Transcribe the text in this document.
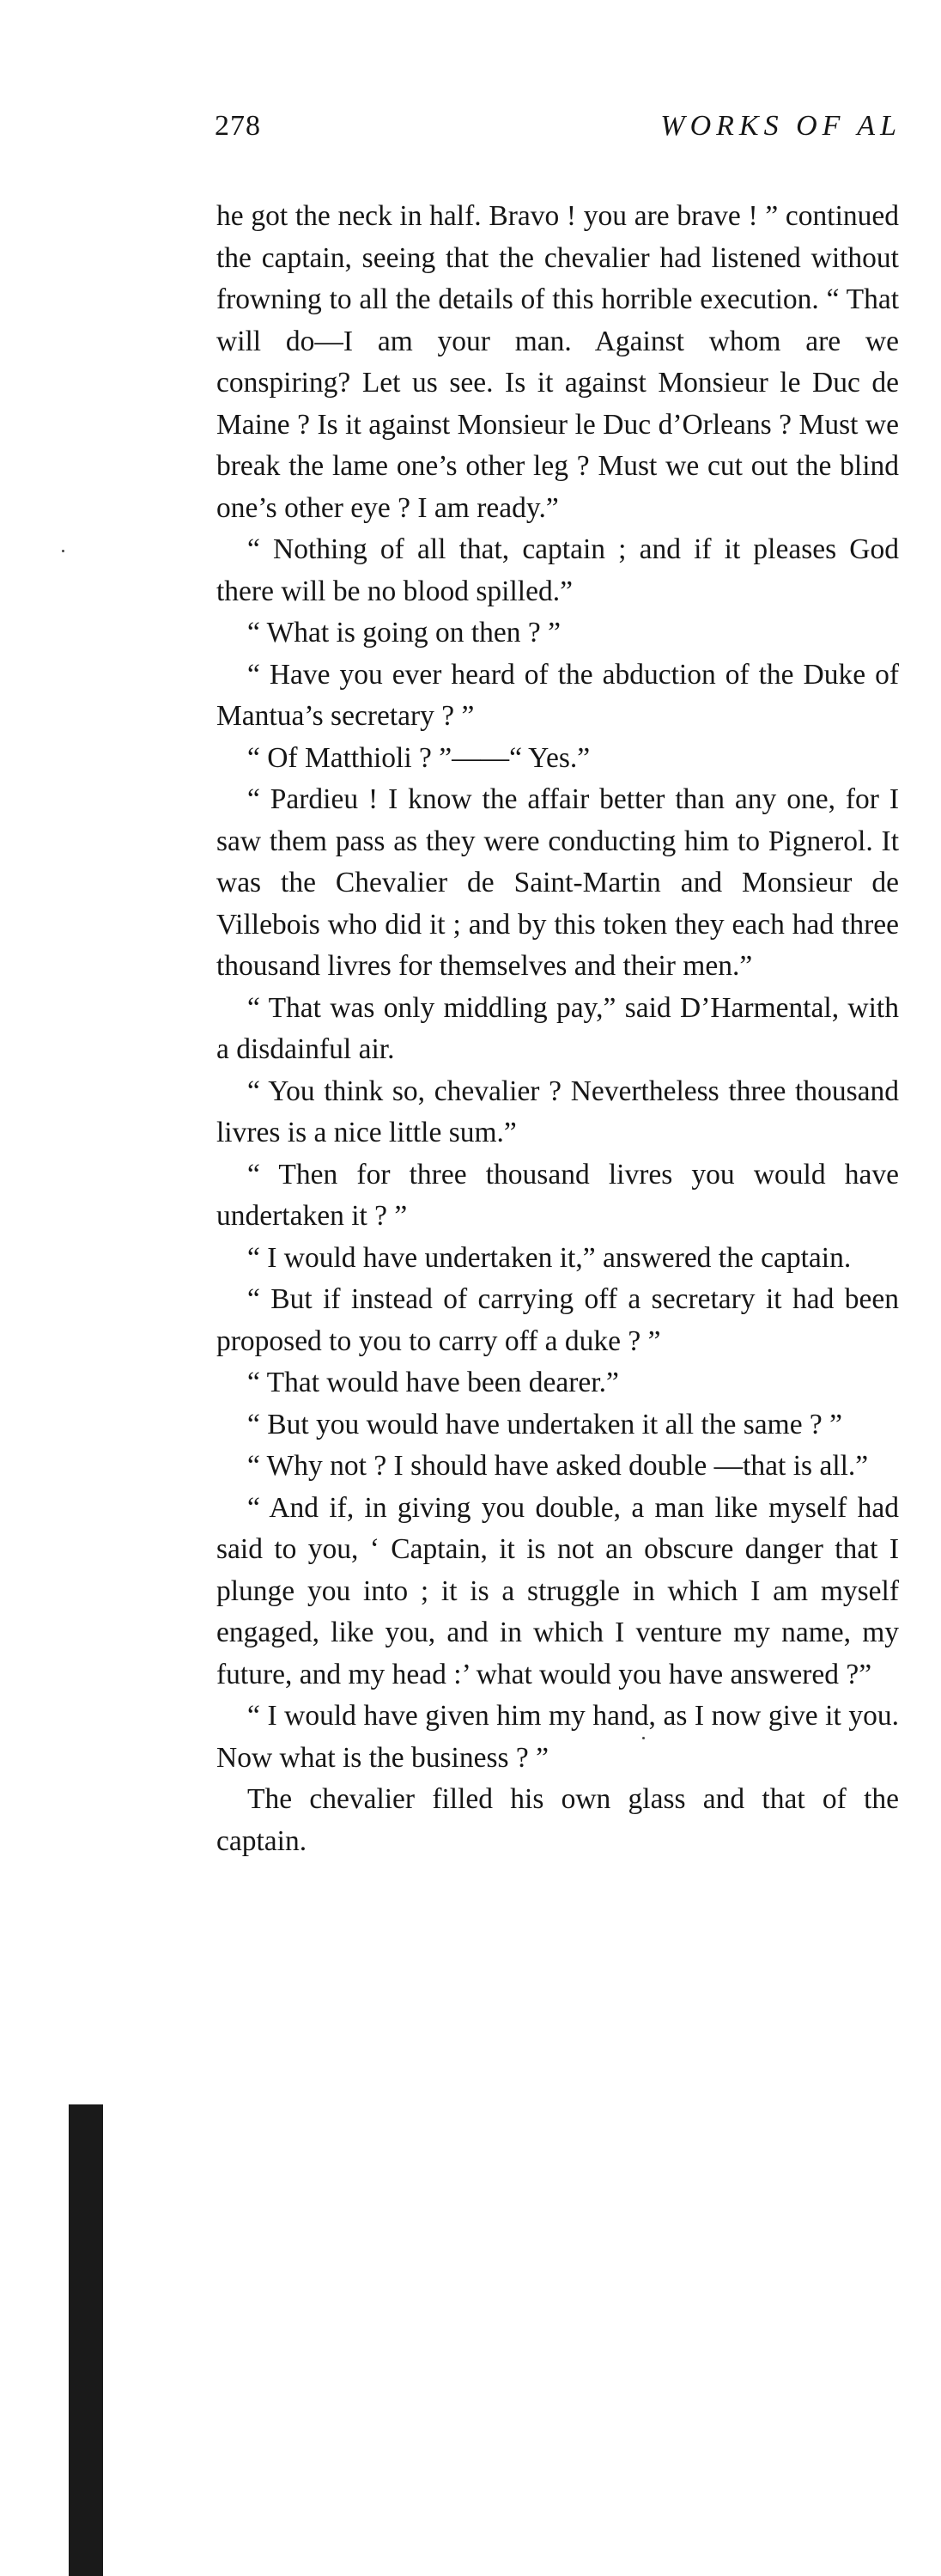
278	WORKS OF AL

he got the neck in half. Bravo ! you are brave ! ” continued the captain, seeing that the chevalier had listened without frowning to all the details of this horrible execution. “ That will do—I am your man. Against whom are we conspiring? Let us see. Is it against Monsieur le Duc de Maine ? Is it against Monsieur le Duc d’Orleans ? Must we break the lame one’s other leg ? Must we cut out the blind one’s other eye ? I am ready.”

“ Nothing of all that, captain ; and if it pleases God there will be no blood spilled.”

“ What is going on then ? ”

“ Have you ever heard of the abduction of the Duke of Mantua’s secretary ? ”

“ Of Matthioli ? ”——“ Yes.”

“ Pardieu ! I know the affair better than any one, for I saw them pass as they were conducting him to Pignerol. It was the Chevalier de Saint-Martin and Monsieur de Villebois who did it ; and by this token they each had three thousand livres for themselves and their men.”

“ That was only middling pay,” said D’Harmental, with a disdainful air.

“ You think so, chevalier ? Nevertheless three thousand livres is a nice little sum.”

“ Then for three thousand livres you would have undertaken it ? ”

“ I would have undertaken it,” answered the captain.

“ But if instead of carrying off a secretary it had been proposed to you to carry off a duke ? ”

“ That would have been dearer.”

“ But you would have undertaken it all the same ? ”

“ Why not ? I should have asked double —that is all.”

“ And if, in giving you double, a man like myself had said to you, ‘ Captain, it is not an obscure danger that I plunge you into ; it is a struggle in which I am myself engaged, like you, and in which I venture my name, my future, and my head :’ what would you have answered ?”

“ I would have given him my hand, as I now give it you. Now what is the business ? ”

The chevalier filled his own glass and that of the captain.
